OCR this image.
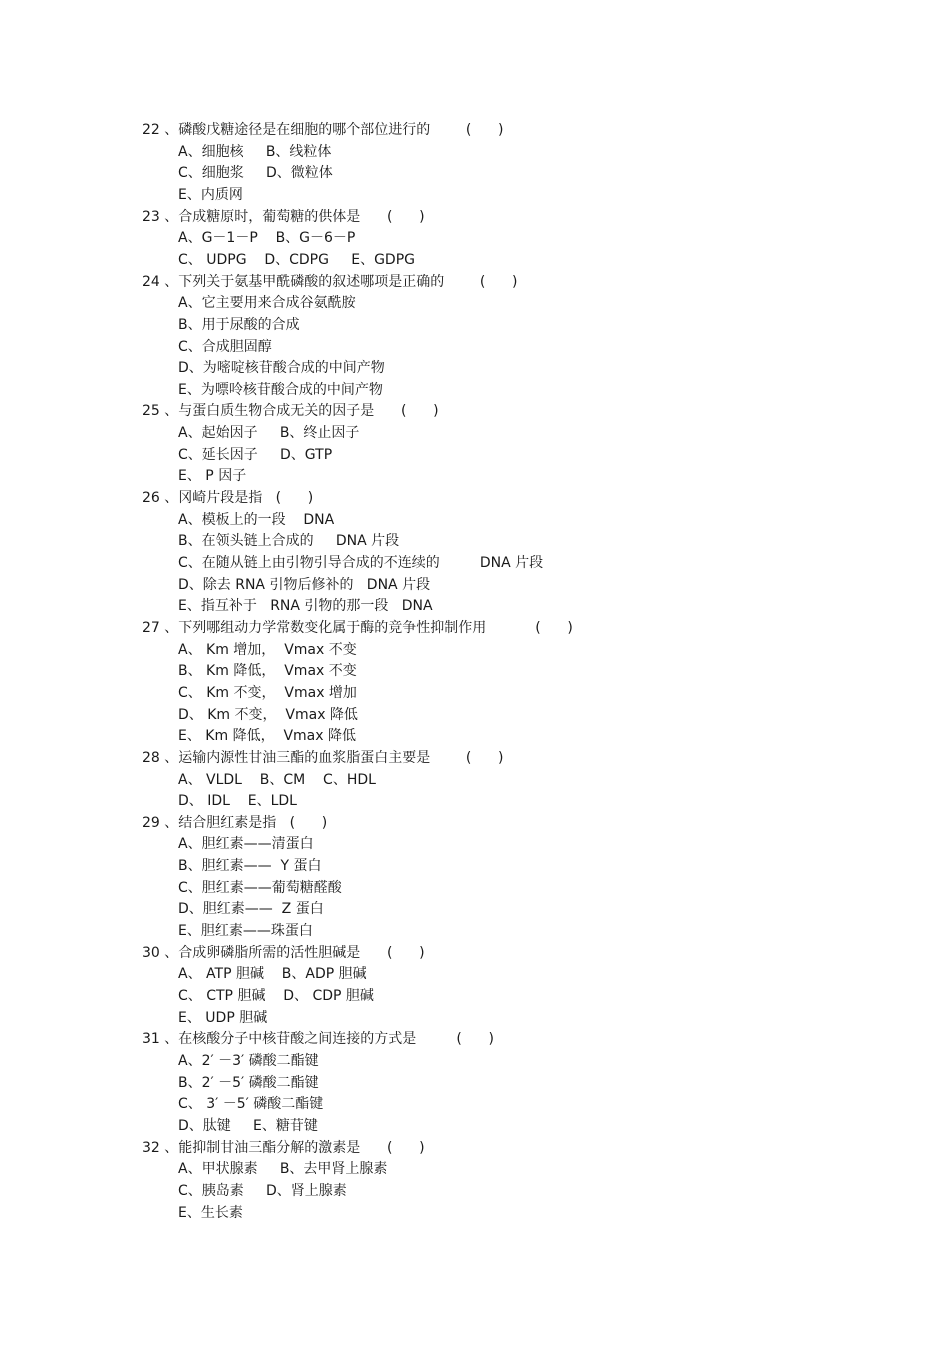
22 、磷酸戊糖途径是在细胞的哪个部位进行的        (      )
A、细胞核     B、线粒体
C、细胞浆     D、微粒体
E、内质网
23 、合成糖原时，葡萄糖的供体是      (      )
A、G－1－P    B、G－6－P
C、 UDPG    D、CDPG     E、GDPG
24 、下列关于氨基甲酰磷酸的叙述哪项是正确的        (      )
A、它主要用来合成谷氨酰胺
B、用于尿酸的合成
C、合成胆固醇
D、为嘧啶核苷酸合成的中间产物
E、为嘌呤核苷酸合成的中间产物
25 、与蛋白质生物合成无关的因子是      (      )
A、起始因子     B、终止因子
C、延长因子     D、GTP
E、 P 因子
26 、冈崎片段是指   (      )
A、模板上的一段    DNA
B、在领头链上合成的     DNA 片段
C、在随从链上由引物引导合成的不连续的         DNA 片段
D、除去 RNA 引物后修补的   DNA 片段
E、指互补于   RNA 引物的那一段   DNA
27 、下列哪组动力学常数变化属于酶的竞争性抑制作用           (      )
A、 Km 增加，  Vmax 不变
B、 Km 降低，  Vmax 不变
C、 Km 不变，  Vmax 增加
D、 Km 不变，  Vmax 降低
E、 Km 降低，  Vmax 降低
28 、运输内源性甘油三酯的血浆脂蛋白主要是        (      )
A、 VLDL    B、CM    C、HDL
D、 IDL    E、LDL
29 、结合胆红素是指   (      )
A、胆红素——清蛋白
B、胆红素——  Y 蛋白
C、胆红素——葡萄糖醛酸
D、胆红素——  Z 蛋白
E、胆红素——珠蛋白
30 、合成卵磷脂所需的活性胆碱是      (      )
A、 ATP 胆碱    B、ADP 胆碱
C、 CTP 胆碱    D、 CDP 胆碱
E、 UDP 胆碱
31 、在核酸分子中核苷酸之间连接的方式是         (      )
A、2′ －3′ 磷酸二酯键
B、2′ －5′ 磷酸二酯键
C、 3′ －5′ 磷酸二酯键
D、肽键     E、糖苷键
32 、能抑制甘油三酯分解的激素是      (      )
A、甲状腺素     B、去甲肾上腺素
C、胰岛素     D、肾上腺素
E、生长素
